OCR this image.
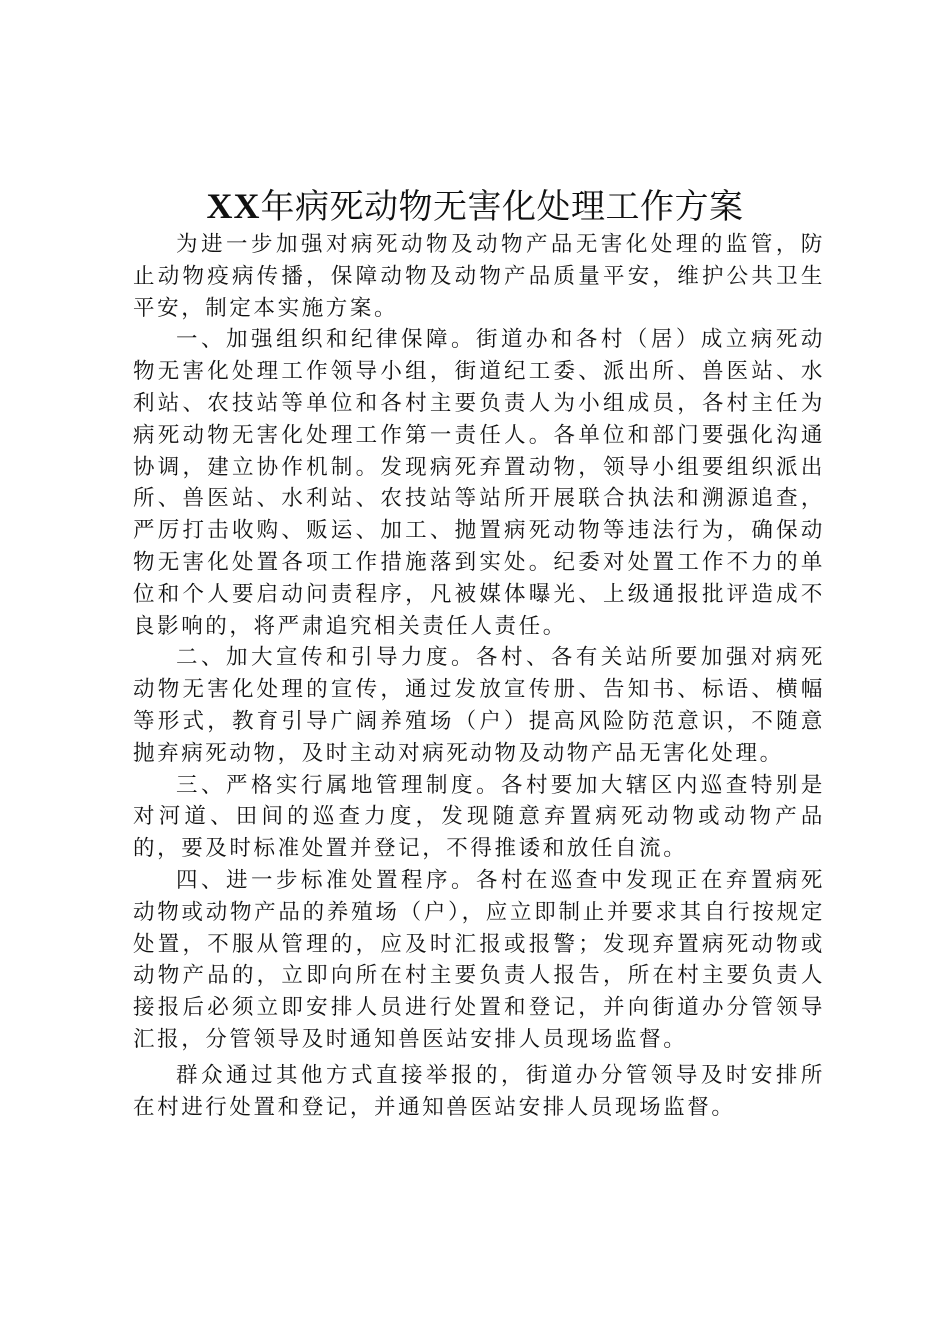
XX年病死动物无害化处理工作方案

为进一步加强对病死动物及动物产品无害化处理的监管，防止动物疫病传播，保障动物及动物产品质量平安，维护公共卫生平安，制定本实施方案。

一、加强组织和纪律保障。街道办和各村（居）成立病死动物无害化处理工作领导小组，街道纪工委、派出所、兽医站、水利站、农技站等单位和各村主要负责人为小组成员，各村主任为病死动物无害化处理工作第一责任人。各单位和部门要强化沟通协调，建立协作机制。发现病死弃置动物，领导小组要组织派出所、兽医站、水利站、农技站等站所开展联合执法和溯源追查，严厉打击收购、贩运、加工、抛置病死动物等违法行为，确保动物无害化处置各项工作措施落到实处。纪委对处置工作不力的单位和个人要启动问责程序，凡被媒体曝光、上级通报批评造成不良影响的，将严肃追究相关责任人责任。

二、加大宣传和引导力度。各村、各有关站所要加强对病死动物无害化处理的宣传，通过发放宣传册、告知书、标语、横幅等形式，教育引导广阔养殖场（户）提高风险防范意识，不随意抛弃病死动物，及时主动对病死动物及动物产品无害化处理。

三、严格实行属地管理制度。各村要加大辖区内巡查特别是对河道、田间的巡查力度，发现随意弃置病死动物或动物产品的，要及时标准处置并登记，不得推诿和放任自流。

四、进一步标准处置程序。各村在巡查中发现正在弃置病死动物或动物产品的养殖场（户），应立即制止并要求其自行按规定处置，不服从管理的，应及时汇报或报警；发现弃置病死动物或动物产品的，立即向所在村主要负责人报告，所在村主要负责人接报后必须立即安排人员进行处置和登记，并向街道办分管领导汇报，分管领导及时通知兽医站安排人员现场监督。

群众通过其他方式直接举报的，街道办分管领导及时安排所在村进行处置和登记，并通知兽医站安排人员现场监督。
